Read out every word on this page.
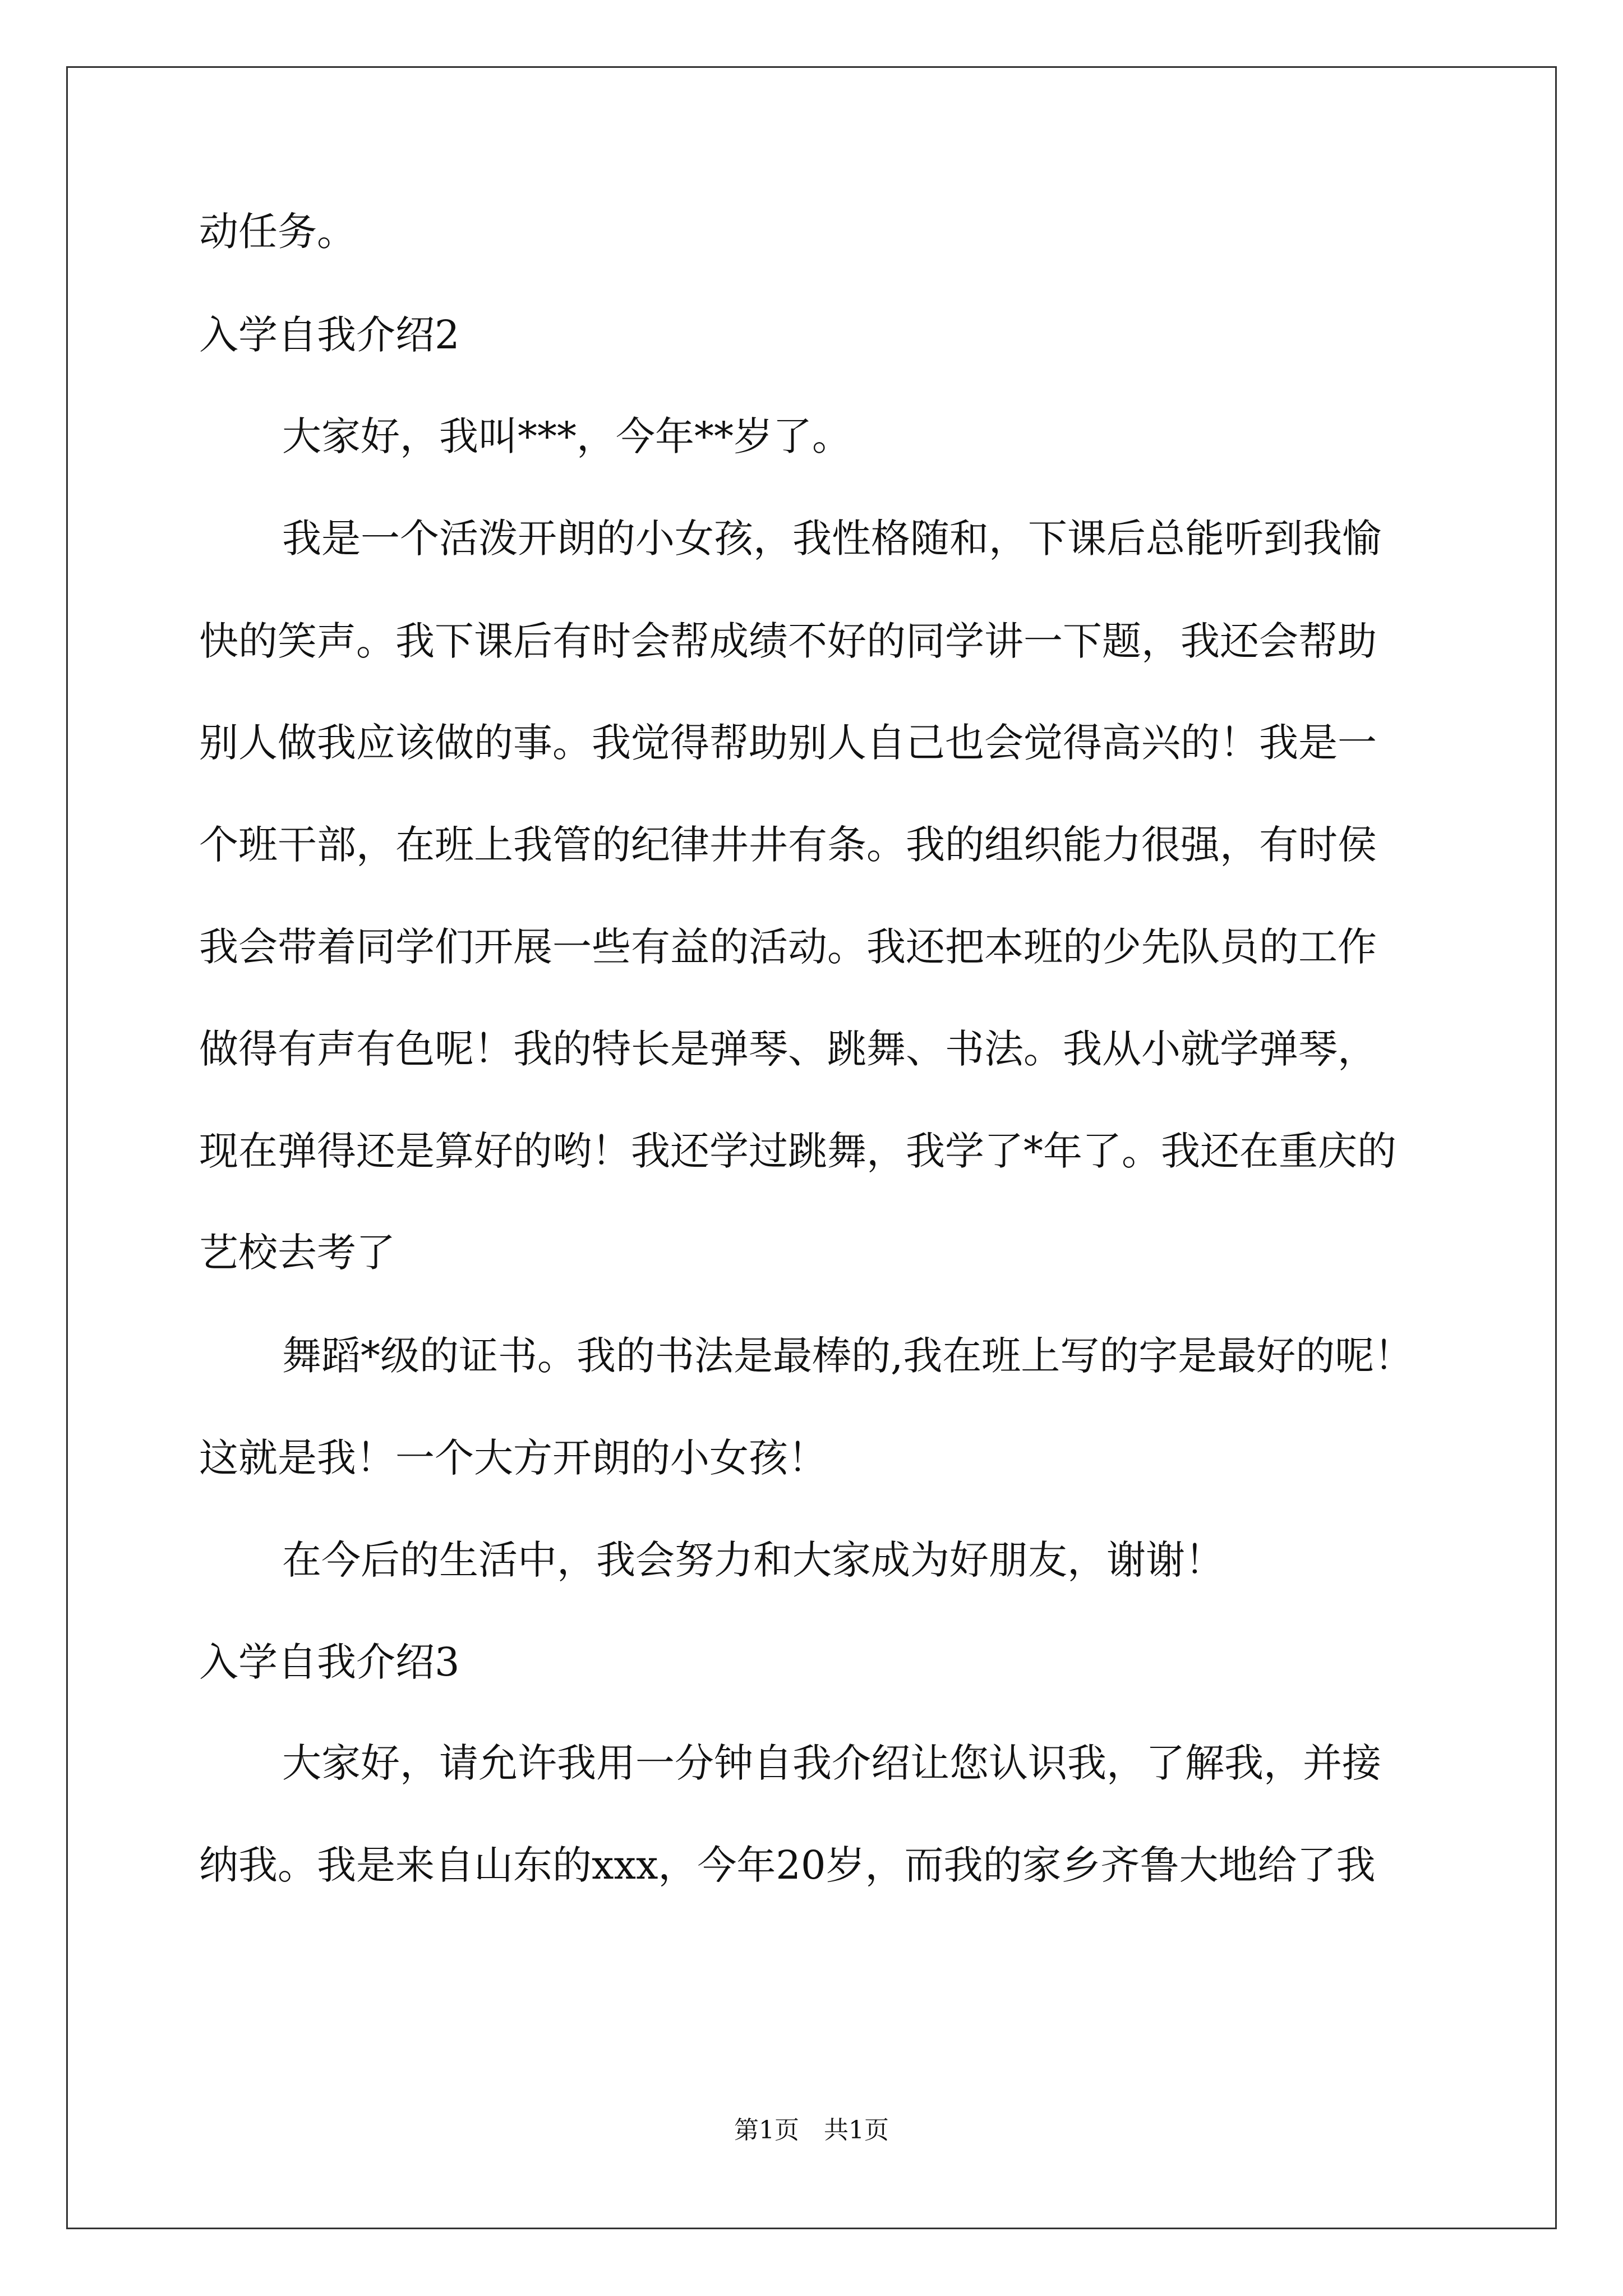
动任务。
入学自我介绍2
大家好，我叫***，今年**岁了。
我是一个活泼开朗的小女孩，我性格随和，下课后总能听到我愉
快的笑声。我下课后有时会帮成绩不好的同学讲一下题，我还会帮助
别人做我应该做的事。我觉得帮助别人自己也会觉得高兴的！我是一
个班干部，在班上我管的纪律井井有条。我的组织能力很强，有时侯
我会带着同学们开展一些有益的活动。我还把本班的少先队员的工作
做得有声有色呢！我的特长是弹琴、跳舞、书法。我从小就学弹琴，
现在弹得还是算好的哟！我还学过跳舞，我学了*年了。我还在重庆的
艺校去考了
舞蹈*级的证书。我的书法是最棒的,我在班上写的字是最好的呢！
这就是我！一个大方开朗的小女孩！
在今后的生活中，我会努力和大家成为好朋友，谢谢！
入学自我介绍3
大家好，请允许我用一分钟自我介绍让您认识我，了解我，并接
纳我。我是来自山东的xxx，今年20岁，而我的家乡齐鲁大地给了我
第1页　共1页
